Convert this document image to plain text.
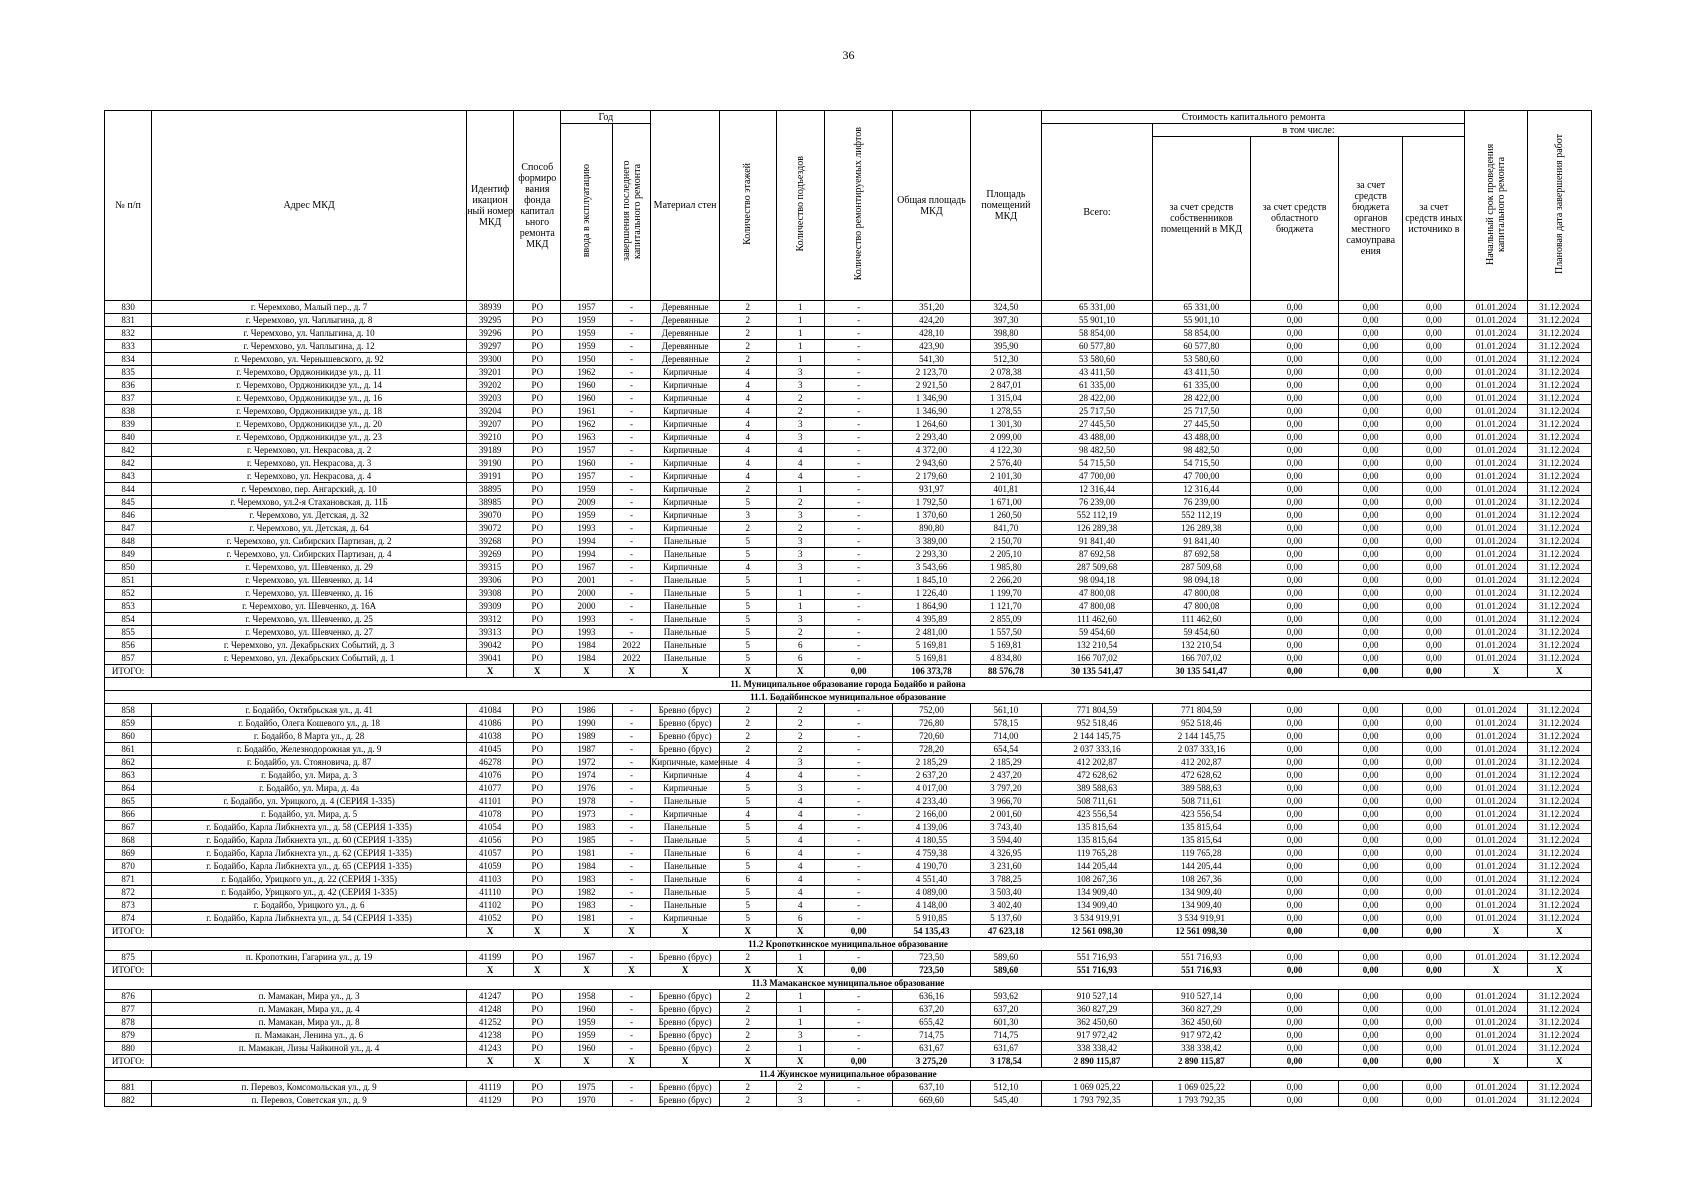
36
№ п/п	Адрес МКД	Идентиф икацион ный номер МКД	Способ формиро вания фонда капитал ьного ремонта МКД	Год		Материал стен	Количество этажей	Количество подъездов	Количество ремонтируемых лифтов	Общая площадь МКД	Площадь помещений МКД	Стоимость капитального ремонта					Начальный срок проведения капитального ремонта	Плановая дата завершения работ
				ввода в эксплуатацию	завершения последнего капитального ремонта							Всего:	в том числе:					
													за счет средств собственников помещений в МКД	за счет средств областного бюджета	за счет средств бюджета органов местного самоуправа ения	за счет средств иных источнико в		
830	г. Черемхово, Малый пер., д. 7	38939	РО	1957	-	Деревянные	2	1	-	351,20	324,50	65 331,00	65 331,00	0,00	0,00	0,00	01.01.2024	31.12.2024
831	г. Черемхово, ул. Чаплыгина, д. 8	39295	РО	1959	-	Деревянные	2	1	-	424,20	397,30	55 901,10	55 901,10	0,00	0,00	0,00	01.01.2024	31.12.2024
832	г. Черемхово, ул. Чаплыгина, д. 10	39296	РО	1959	-	Деревянные	2	1	-	428,10	398,80	58 854,00	58 854,00	0,00	0,00	0,00	01.01.2024	31.12.2024
833	г. Черемхово, ул. Чаплыгина, д. 12	39297	РО	1959	-	Деревянные	2	1	-	423,90	395,90	60 577,80	60 577,80	0,00	0,00	0,00	01.01.2024	31.12.2024
834	г. Черемхово, ул. Чернышевского, д. 92	39300	РО	1950	-	Деревянные	2	1	-	541,30	512,30	53 580,60	53 580,60	0,00	0,00	0,00	01.01.2024	31.12.2024
835	г. Черемхово, Орджоникидзе ул., д. 11	39201	РО	1962	-	Кирпичные	4	3	-	2 123,70	2 078,38	43 411,50	43 411,50	0,00	0,00	0,00	01.01.2024	31.12.2024
836	г. Черемхово, Орджоникидзе ул., д. 14	39202	РО	1960	-	Кирпичные	4	3	-	2 921,50	2 847,01	61 335,00	61 335,00	0,00	0,00	0,00	01.01.2024	31.12.2024
837	г. Черемхово, Орджоникидзе ул., д. 16	39203	РО	1960	-	Кирпичные	4	2	-	1 346,90	1 315,04	28 422,00	28 422,00	0,00	0,00	0,00	01.01.2024	31.12.2024
838	г. Черемхово, Орджоникидзе ул., д. 18	39204	РО	1961	-	Кирпичные	4	2	-	1 346,90	1 278,55	25 717,50	25 717,50	0,00	0,00	0,00	01.01.2024	31.12.2024
839	г. Черемхово, Орджоникидзе ул., д. 20	39207	РО	1962	-	Кирпичные	4	3	-	1 264,60	1 301,30	27 445,50	27 445,50	0,00	0,00	0,00	01.01.2024	31.12.2024
840	г. Черемхово, Орджоникидзе ул., д. 23	39210	РО	1963	-	Кирпичные	4	3	-	2 293,40	2 099,00	43 488,00	43 488,00	0,00	0,00	0,00	01.01.2024	31.12.2024
842	г. Черемхово, ул. Некрасова, д. 2	39189	РО	1957	-	Кирпичные	4	4	-	4 372,00	4 122,30	98 482,50	98 482,50	0,00	0,00	0,00	01.01.2024	31.12.2024
842	г. Черемхово, ул. Некрасова, д. 3	39190	РО	1960	-	Кирпичные	4	4	-	2 943,60	2 576,40	54 715,50	54 715,50	0,00	0,00	0,00	01.01.2024	31.12.2024
843	г. Черемхово, ул. Некрасова, д. 4	39191	РО	1957	-	Кирпичные	4	4	-	2 179,60	2 101,30	47 700,00	47 700,00	0,00	0,00	0,00	01.01.2024	31.12.2024
844	г. Черемхово, пер. Ангарский, д. 10	38895	РО	1959	-	Кирпичные	2	1	-	931,97	401,81	12 316,44	12 316,44	0,00	0,00	0,00	01.01.2024	31.12.2024
845	г. Черемхово, ул.2-я Стахановская, д. 11Б	38985	РО	2009	-	Кирпичные	5	2	-	1 792,50	1 671,00	76 239,00	76 239,00	0,00	0,00	0,00	01.01.2024	31.12.2024
846	г. Черемхово, ул. Детская, д. 32	39070	РО	1959	-	Кирпичные	3	3	-	1 370,60	1 260,50	552 112,19	552 112,19	0,00	0,00	0,00	01.01.2024	31.12.2024
847	г. Черемхово, ул. Детская, д. 64	39072	РО	1993	-	Кирпичные	2	2	-	890,80	841,70	126 289,38	126 289,38	0,00	0,00	0,00	01.01.2024	31.12.2024
848	г. Черемхово, ул. Сибирских Партизан, д. 2	39268	РО	1994	-	Панельные	5	3	-	3 389,00	2 150,70	91 841,40	91 841,40	0,00	0,00	0,00	01.01.2024	31.12.2024
849	г. Черемхово, ул. Сибирских Партизан, д. 4	39269	РО	1994	-	Панельные	5	3	-	2 293,30	2 205,10	87 692,58	87 692,58	0,00	0,00	0,00	01.01.2024	31.12.2024
850	г. Черемхово, ул. Шевченко, д. 29	39315	РО	1967	-	Кирпичные	4	3	-	3 543,66	1 985,80	287 509,68	287 509,68	0,00	0,00	0,00	01.01.2024	31.12.2024
851	г. Черемхово, ул. Шевченко, д. 14	39306	РО	2001	-	Панельные	5	1	-	1 845,10	2 266,20	98 094,18	98 094,18	0,00	0,00	0,00	01.01.2024	31.12.2024
852	г. Черемхово, ул. Шевченко, д. 16	39308	РО	2000	-	Панельные	5	1	-	1 226,40	1 199,70	47 800,08	47 800,08	0,00	0,00	0,00	01.01.2024	31.12.2024
853	г. Черемхово, ул. Шевченко, д. 16А	39309	РО	2000	-	Панельные	5	1	-	1 864,90	1 121,70	47 800,08	47 800,08	0,00	0,00	0,00	01.01.2024	31.12.2024
854	г. Черемхово, ул. Шевченко, д. 25	39312	РО	1993	-	Панельные	5	3	-	4 395,89	2 855,09	111 462,60	111 462,60	0,00	0,00	0,00	01.01.2024	31.12.2024
855	г. Черемхово, ул. Шевченко, д. 27	39313	РО	1993	-	Панельные	5	2	-	2 481,00	1 557,50	59 454,60	59 454,60	0,00	0,00	0,00	01.01.2024	31.12.2024
856	г. Черемхово, ул. Декабрьских Событий, д. 3	39042	РО	1984	2022	Панельные	5	6	-	5 169,81	5 169,81	132 210,54	132 210,54	0,00	0,00	0,00	01.01.2024	31.12.2024
857	г. Черемхово, ул. Декабрьских Событий, д. 1	39041	РО	1984	2022	Панельные	5	6	-	5 169,81	4 834,80	166 707,02	166 707,02	0,00	0,00	0,00	01.01.2024	31.12.2024
ИТОГО:		X	X	X	X	X	X	X	0,00	106 373,78	88 576,78	30 135 541,47	30 135 541,47	0,00	0,00	0,00	X	X
11. Муниципальное образование города Бодайбо и района																		
11.1. Бодайбинское муниципальное образование																		
858	г. Бодайбо, Октябрьская ул., д. 41	41084	РО	1986	-	Бревно (брус)	2	2	-	752,00	561,10	771 804,59	771 804,59	0,00	0,00	0,00	01.01.2024	31.12.2024
859	г. Бодайбо, Олега Кошевого ул., д. 18	41086	РО	1990	-	Бревно (брус)	2	2	-	726,80	578,15	952 518,46	952 518,46	0,00	0,00	0,00	01.01.2024	31.12.2024
860	г. Бодайбо, 8 Марта ул., д. 28	41038	РО	1989	-	Бревно (брус)	2	2	-	720,60	714,00	2 144 145,75	2 144 145,75	0,00	0,00	0,00	01.01.2024	31.12.2024
861	г. Бодайбо, Железнодорожная ул., д. 9	41045	РО	1987	-	Бревно (брус)	2	2	-	728,20	654,54	2 037 333,16	2 037 333,16	0,00	0,00	0,00	01.01.2024	31.12.2024
862	г. Бодайбо, ул. Стояновича, д. 87	46278	РО	1972	-	Кирпичные, каменные	4	3	-	2 185,29	2 185,29	412 202,87	412 202,87	0,00	0,00	0,00	01.01.2024	31.12.2024
863	г. Бодайбо, ул. Мира, д. 3	41076	РО	1974	-	Кирпичные	4	4	-	2 637,20	2 437,20	472 628,62	472 628,62	0,00	0,00	0,00	01.01.2024	31.12.2024
864	г. Бодайбо, ул. Мира, д. 4а	41077	РО	1976	-	Кирпичные	5	3	-	4 017,00	3 797,20	389 588,63	389 588,63	0,00	0,00	0,00	01.01.2024	31.12.2024
865	г. Бодайбо, ул. Урицкого, д. 4 (СЕРИЯ 1-335)	41101	РО	1978	-	Панельные	5	4	-	4 233,40	3 966,70	508 711,61	508 711,61	0,00	0,00	0,00	01.01.2024	31.12.2024
866	г. Бодайбо, ул. Мира, д. 5	41078	РО	1973	-	Кирпичные	4	4	-	2 166,00	2 001,60	423 556,54	423 556,54	0,00	0,00	0,00	01.01.2024	31.12.2024
867	г. Бодайбо, Карла Либкнехта ул., д. 58 (СЕРИЯ 1-335)	41054	РО	1983	-	Панельные	5	4	-	4 139,06	3 743,40	135 815,64	135 815,64	0,00	0,00	0,00	01.01.2024	31.12.2024
868	г. Бодайбо, Карла Либкнехта ул., д. 60 (СЕРИЯ 1-335)	41056	РО	1985	-	Панельные	5	4	-	4 180,55	3 594,40	135 815,64	135 815,64	0,00	0,00	0,00	01.01.2024	31.12.2024
869	г. Бодайбо, Карла Либкнехта ул., д. 62 (СЕРИЯ 1-335)	41057	РО	1981	-	Панельные	6	4	-	4 759,38	4 326,95	119 765,28	119 765,28	0,00	0,00	0,00	01.01.2024	31.12.2024
870	г. Бодайбо, Карла Либкнехта ул., д. 65 (СЕРИЯ 1-335)	41059	РО	1984	-	Панельные	5	4	-	4 190,70	3 231,60	144 205,44	144 205,44	0,00	0,00	0,00	01.01.2024	31.12.2024
871	г. Бодайбо, Урицкого ул., д. 22 (СЕРИЯ 1-335)	41103	РО	1983	-	Панельные	6	4	-	4 551,40	3 788,25	108 267,36	108 267,36	0,00	0,00	0,00	01.01.2024	31.12.2024
872	г. Бодайбо, Урицкого ул., д. 42 (СЕРИЯ 1-335)	41110	РО	1982	-	Панельные	5	4	-	4 089,00	3 503,40	134 909,40	134 909,40	0,00	0,00	0,00	01.01.2024	31.12.2024
873	г. Бодайбо, Урицкого ул., д. 6	41102	РО	1983	-	Панельные	5	4	-	4 148,00	3 402,40	134 909,40	134 909,40	0,00	0,00	0,00	01.01.2024	31.12.2024
874	г. Бодайбо, Карла Либкнехта ул., д. 54 (СЕРИЯ 1-335)	41052	РО	1981	-	Кирпичные	5	6	-	5 910,85	5 137,60	3 534 919,91	3 534 919,91	0,00	0,00	0,00	01.01.2024	31.12.2024
ИТОГО:		X	X	X	X	X	X	X	0,00	54 135,43	47 623,18	12 561 098,30	12 561 098,30	0,00	0,00	0,00	X	X
11.2 Кропоткинское муниципальное образование																		
875	п. Кропоткин, Гагарина ул., д. 19	41199	РО	1967	-	Бревно (брус)	2	1	-	723,50	589,60	551 716,93	551 716,93	0,00	0,00	0,00	01.01.2024	31.12.2024
ИТОГО:		X	X	X	X	X	X	X	0,00	723,50	589,60	551 716,93	551 716,93	0,00	0,00	0,00	X	X
11.3 Мамаканское муниципальное образование																		
876	п. Мамакан, Мира ул., д. 3	41247	РО	1958	-	Бревно (брус)	2	1	-	636,16	593,62	910 527,14	910 527,14	0,00	0,00	0,00	01.01.2024	31.12.2024
877	п. Мамакан, Мира ул., д. 4	41248	РО	1960	-	Бревно (брус)	2	1	-	637,20	637,20	360 827,29	360 827,29	0,00	0,00	0,00	01.01.2024	31.12.2024
878	п. Мамакан, Мира ул., д. 8	41252	РО	1959	-	Бревно (брус)	2	1	-	655,42	601,30	362 450,60	362 450,60	0,00	0,00	0,00	01.01.2024	31.12.2024
879	п. Мамакан, Ленина ул., д. 6	41238	РО	1959	-	Бревно (брус)	2	3	-	714,75	714,75	917 972,42	917 972,42	0,00	0,00	0,00	01.01.2024	31.12.2024
880	п. Мамакан, Лизы Чайкиной ул., д. 4	41243	РО	1960	-	Бревно (брус)	2	1	-	631,67	631,67	338 338,42	338 338,42	0,00	0,00	0,00	01.01.2024	31.12.2024
ИТОГО:		X	X	X	X	X	X	X	0,00	3 275,20	3 178,54	2 890 115,87	2 890 115,87	0,00	0,00	0,00	X	X
11.4 Жуинское муниципальное образование																		
881	п. Перевоз, Комсомольская ул., д. 9	41119	РО	1975	-	Бревно (брус)	2	2	-	637,10	512,10	1 069 025,22	1 069 025,22	0,00	0,00	0,00	01.01.2024	31.12.2024
882	п. Перевоз, Советская ул., д. 9	41129	РО	1970	-	Бревно (брус)	2	3	-	669,60	545,40	1 793 792,35	1 793 792,35	0,00	0,00	0,00	01.01.2024	31.12.2024
